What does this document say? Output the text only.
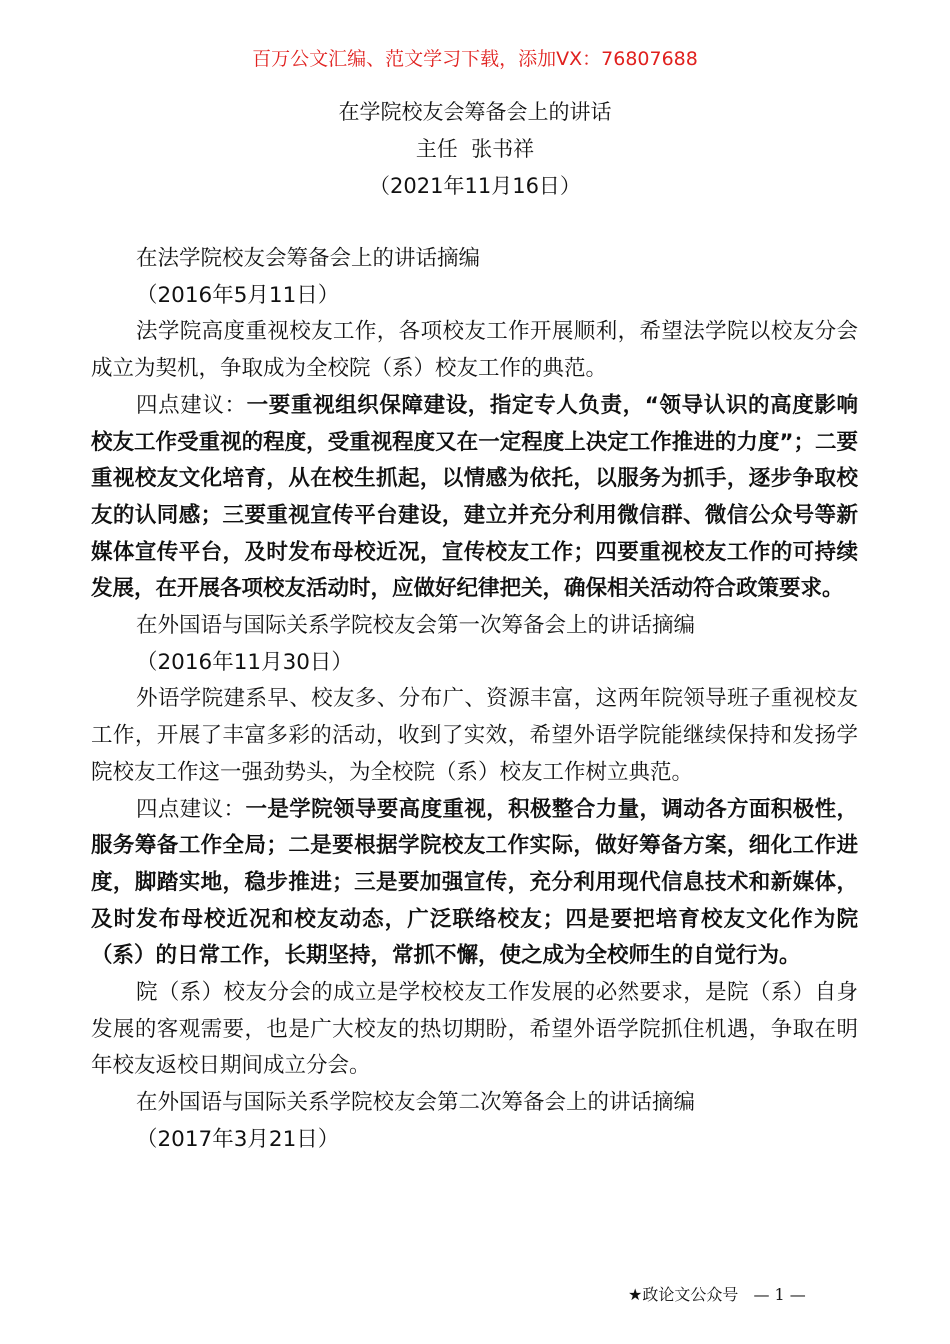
百万公文汇编、范文学习下载，添加VX：76807688
在学院校友会筹备会上的讲话
主任  张书祥
（2021年11月16日）

在法学院校友会筹备会上的讲话摘编

（2016年5月11日）

法学院高度重视校友工作，各项校友工作开展顺利，希望法学院以校友分会成立为契机，争取成为全校院（系）校友工作的典范。

四点建议：一要重视组织保障建设，指定专人负责，“领导认识的高度影响校友工作受重视的程度，受重视程度又在一定程度上决定工作推进的力度”；二要重视校友文化培育，从在校生抓起，以情感为依托，以服务为抓手，逐步争取校友的认同感；三要重视宣传平台建设，建立并充分利用微信群、微信公众号等新媒体宣传平台，及时发布母校近况，宣传校友工作；四要重视校友工作的可持续发展，在开展各项校友活动时，应做好纪律把关，确保相关活动符合政策要求。

在外国语与国际关系学院校友会第一次筹备会上的讲话摘编

（2016年11月30日）

外语学院建系早、校友多、分布广、资源丰富，这两年院领导班子重视校友工作，开展了丰富多彩的活动，收到了实效，希望外语学院能继续保持和发扬学院校友工作这一强劲势头，为全校院（系）校友工作树立典范。

四点建议：一是学院领导要高度重视，积极整合力量，调动各方面积极性，服务筹备工作全局；二是要根据学院校友工作实际，做好筹备方案，细化工作进度，脚踏实地，稳步推进；三是要加强宣传，充分利用现代信息技术和新媒体，及时发布母校近况和校友动态，广泛联络校友；四是要把培育校友文化作为院（系）的日常工作，长期坚持，常抓不懈，使之成为全校师生的自觉行为。

院（系）校友分会的成立是学校校友工作发展的必然要求，是院（系）自身发展的客观需要，也是广大校友的热切期盼，希望外语学院抓住机遇，争取在明年校友返校日期间成立分会。

在外国语与国际关系学院校友会第二次筹备会上的讲话摘编

（2017年3月21日）

★政论文公众号 — 1 —
